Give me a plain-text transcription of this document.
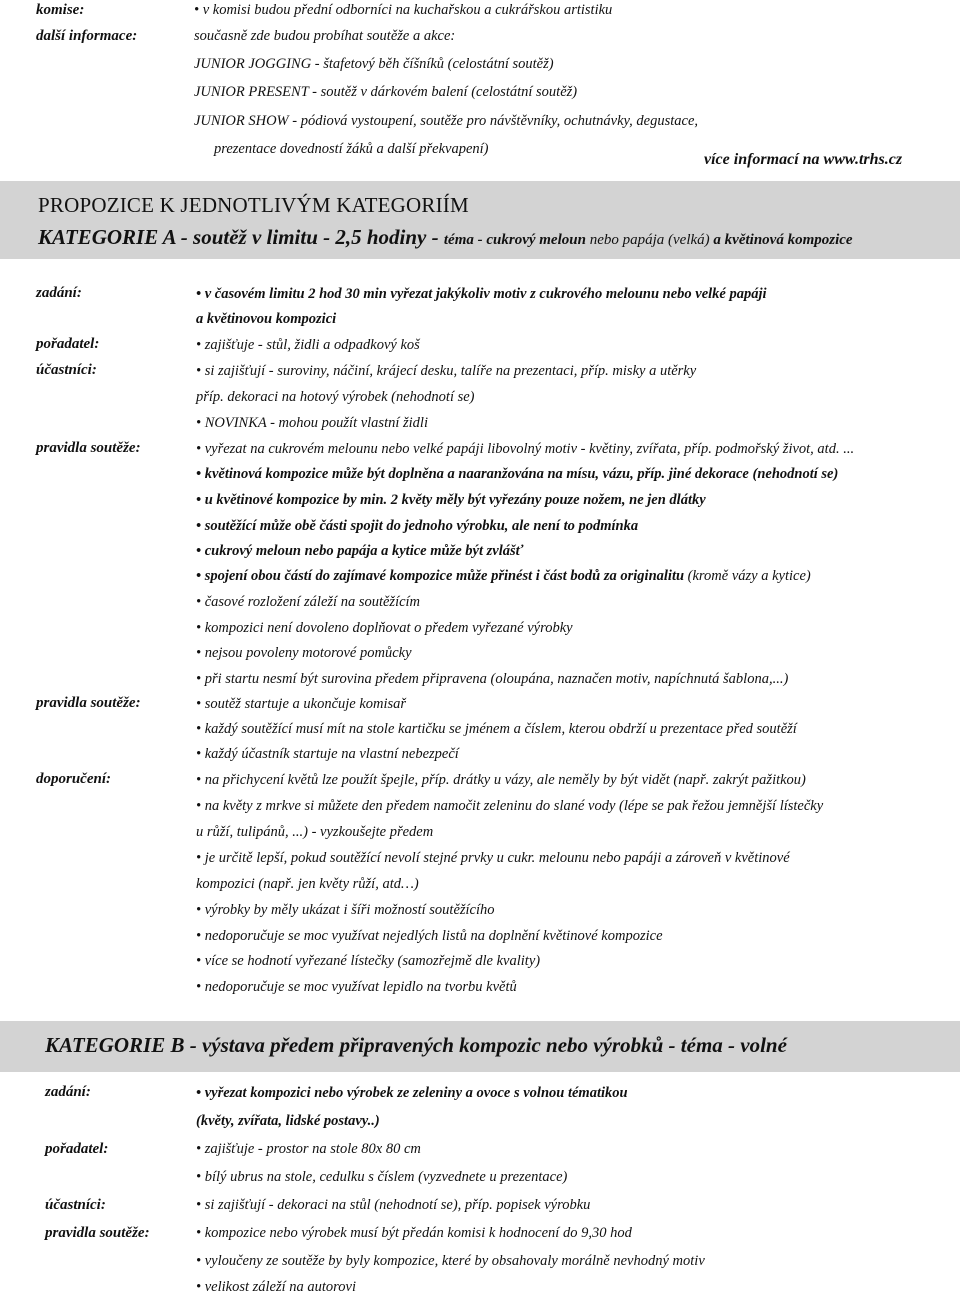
komise:	• v komisi budou přední odborníci na kuchařskou a cukrářskou artistiku
další informace:	současně zde budou probíhat soutěže a akce:
JUNIOR JOGGING - štafetový běh číšníků (celostátní soutěž)
JUNIOR PRESENT - soutěž v dárkovém balení (celostátní soutěž)
JUNIOR SHOW - pódiová vystoupení, soutěže pro návštěvníky, ochutnávky, degustace,
prezentace dovedností žáků a další překvapení)
více informací na www.trhs.cz
PROPOZICE K JEDNOTLIVÝM KATEGORIÍM
KATEGORIE A - soutěž v limitu - 2,5 hodiny - téma - cukrový meloun nebo papája (velká) a květinová kompozice
zadání:
pořadatel:
účastníci:
pravidla soutěže:
pravidla soutěže:
doporučení:
• v časovém limitu 2 hod 30 min vyřezat jakýkoliv motiv z cukrového melounu nebo velké papáji
a květinovou kompozici
• zajišťuje - stůl, židli a odpadkový koš
• si zajišťují - suroviny, náčiní, krájecí desku, talíře na prezentaci, příp. misky a utěrky
příp. dekoraci na hotový výrobek (nehodnotí se)
• NOVINKA - mohou použít vlastní židli
• vyřezat na cukrovém melounu nebo velké papáji libovolný motiv - květiny, zvířata, příp. podmořský život, atd. ...
• květinová kompozice může být doplněna a naaranžována na mísu, vázu, příp. jiné dekorace (nehodnotí se)
• u květinové kompozice by min. 2 květy měly být vyřezány pouze nožem, ne jen dlátky
• soutěžící může obě části spojit do jednoho výrobku, ale není to podmínka
• cukrový meloun nebo papája a kytice může být zvlášť
• spojení obou částí do zajímavé kompozice může přinést i část bodů za originalitu (kromě vázy a kytice)
• časové rozložení záleží na soutěžícím
• kompozici není dovoleno doplňovat o předem vyřezané výrobky
• nejsou povoleny motorové pomůcky
• při startu nesmí být surovina předem připravena (oloupána, naznačen motiv, napíchnutá šablona,...)
• soutěž startuje a ukončuje komisař
• každý soutěžící musí mít na stole kartičku se jménem a číslem, kterou obdrží u prezentace před soutěží
• každý účastník startuje na vlastní nebezpečí
• na přichycení květů lze použít špejle, příp. drátky u vázy, ale neměly by být vidět (např. zakrýt pažitkou)
• na květy z mrkve si můžete den předem namočit zeleninu do slané vody (lépe se pak řežou jemnější lístečky
u růží, tulipánů, ...) - vyzkoušejte předem
• je určitě lepší, pokud soutěžící nevolí stejné prvky u cukr. melounu nebo papáji a zároveň v květinové
kompozici (např. jen květy růží, atd…)
• výrobky by měly ukázat i šíři možností soutěžícího
• nedoporučuje se moc využívat nejedlých listů na doplnění květinové kompozice
• více se hodnotí vyřezané lístečky (samozřejmě dle kvality)
• nedoporučuje se moc využívat lepidlo na tvorbu květů
KATEGORIE B - výstava předem připravených kompozic nebo výrobků - téma - volné
zadání:
pořadatel:
účastníci:
pravidla soutěže:
• vyřezat kompozici nebo výrobek ze zeleniny a ovoce s volnou tématikou
(květy, zvířata, lidské postavy..)
• zajišťuje - prostor na stole 80x 80 cm
• bílý ubrus na stole, cedulku s číslem (vyzvednete u prezentace)
• si zajišťují - dekoraci na stůl (nehodnotí se), příp. popisek výrobku
• kompozice nebo výrobek musí být předán komisi k hodnocení do 9,30 hod
• vyloučeny ze soutěže by byly kompozice, které by obsahovaly morálně nevhodný motiv
• velikost záleží na autorovi
